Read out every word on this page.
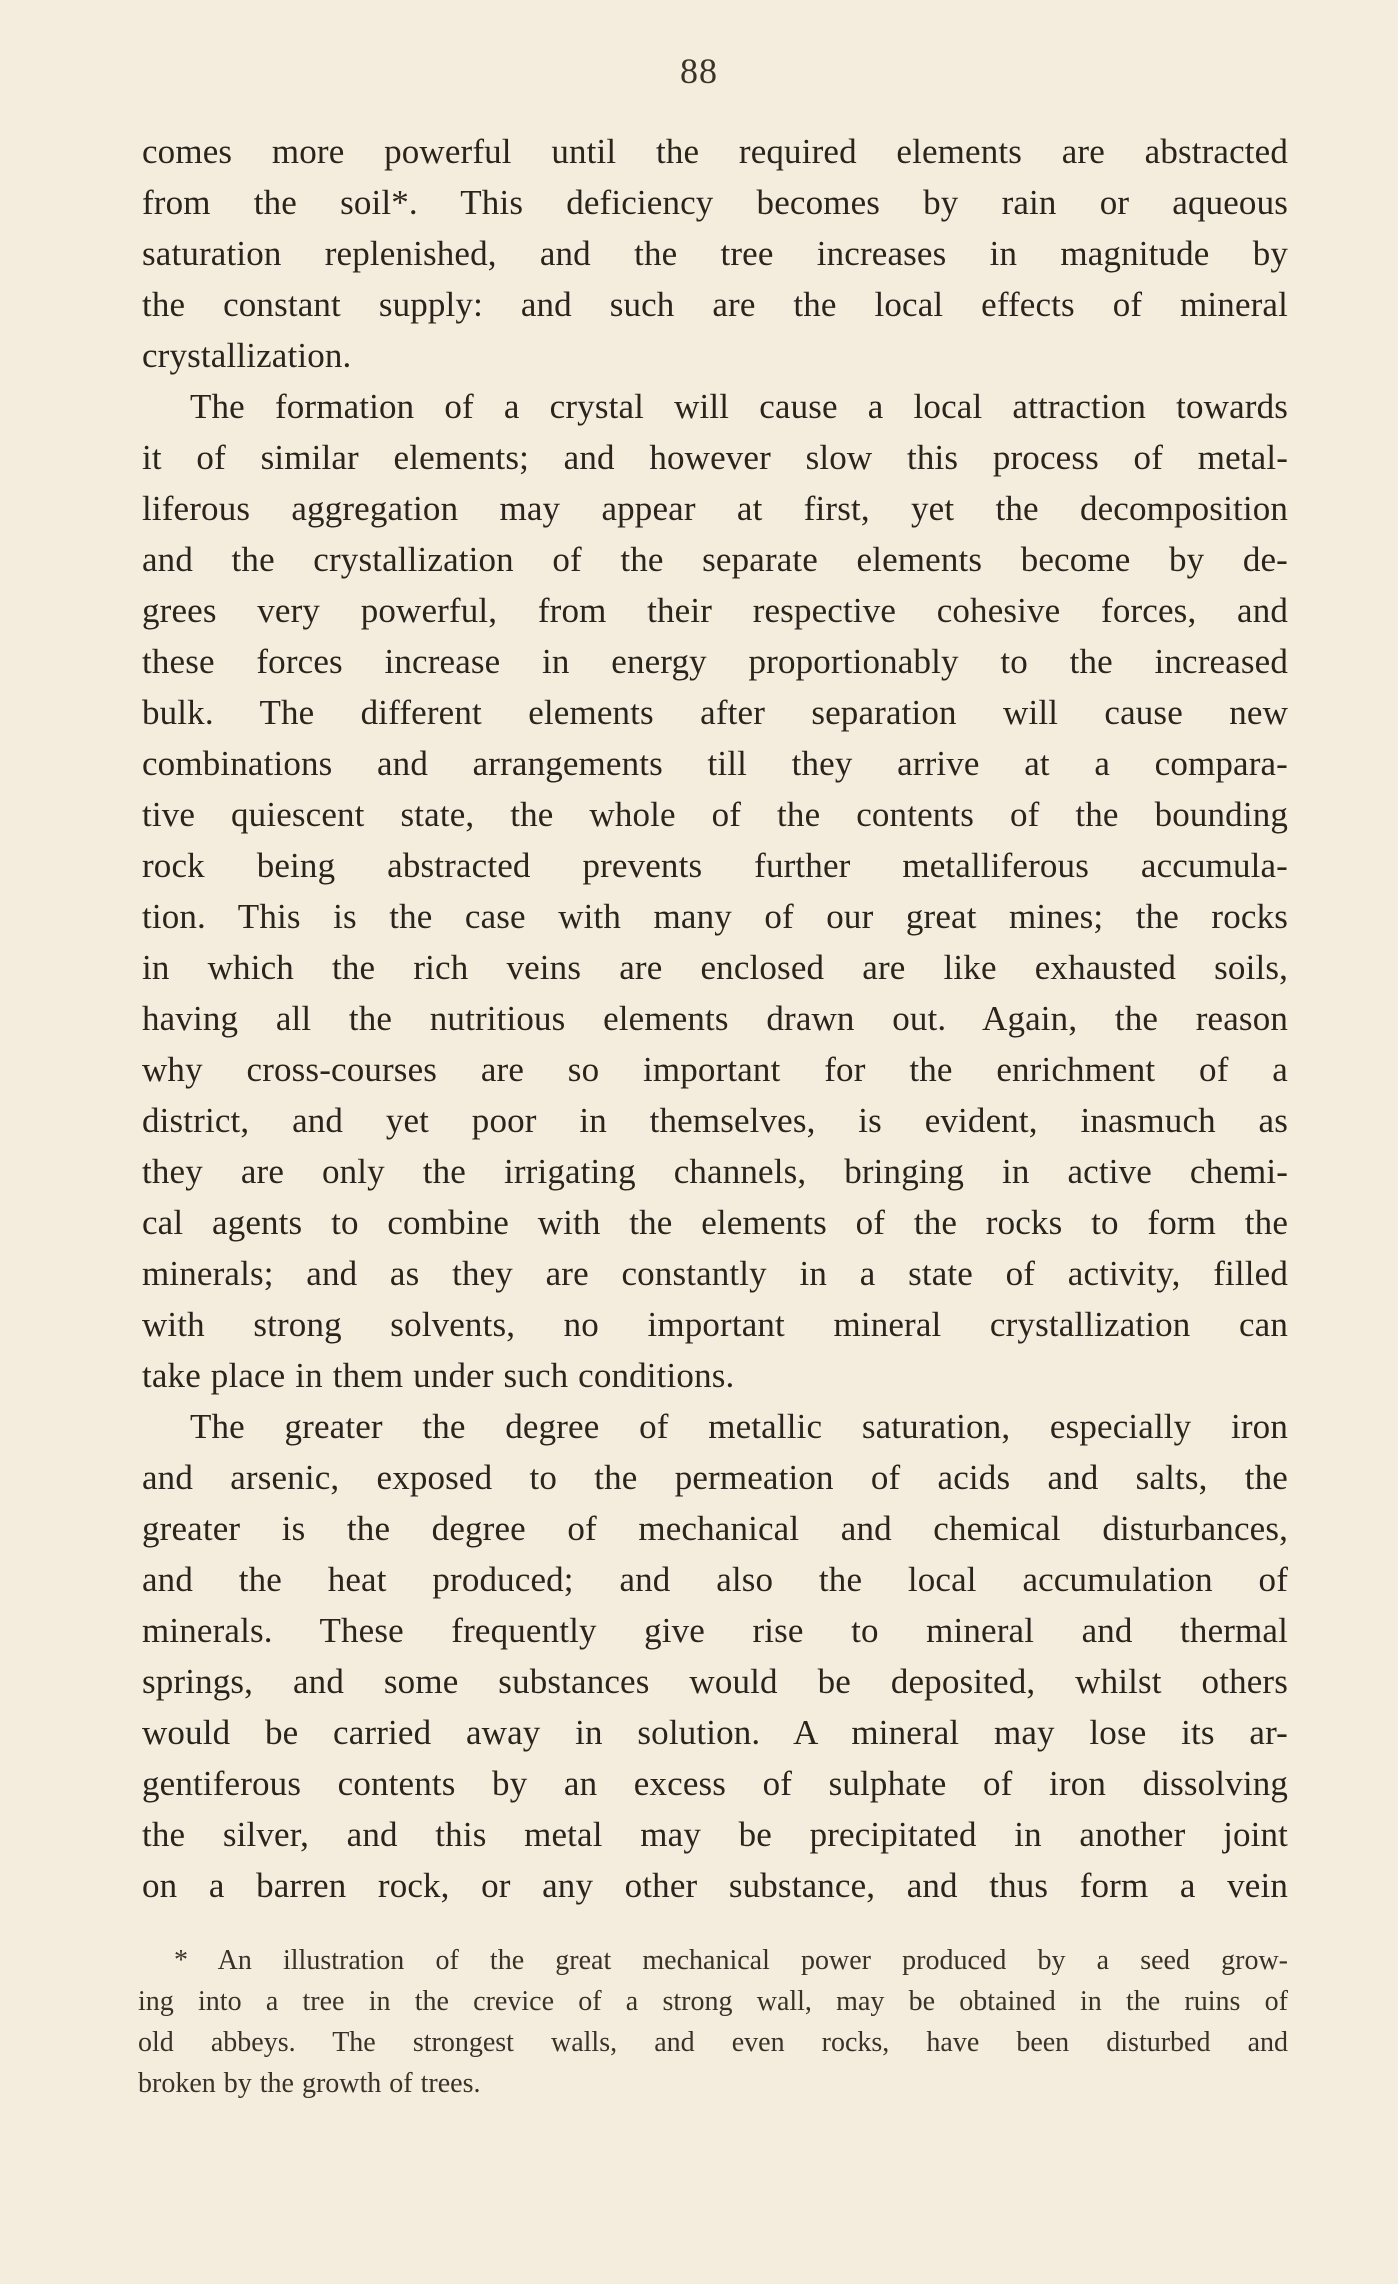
88
comes more powerful until the required elements are abstracted
from the soil*. This deficiency becomes by rain or aqueous
saturation replenished, and the tree increases in magnitude by
the constant supply: and such are the local effects of mineral
crystallization.
The formation of a crystal will cause a local attraction towards
it of similar elements; and however slow this process of metal-
liferous aggregation may appear at first, yet the decomposition
and the crystallization of the separate elements become by de-
grees very powerful, from their respective cohesive forces, and
these forces increase in energy proportionably to the increased
bulk. The different elements after separation will cause new
combinations and arrangements till they arrive at a compara-
tive quiescent state, the whole of the contents of the bounding
rock being abstracted prevents further metalliferous accumula-
tion. This is the case with many of our great mines; the rocks
in which the rich veins are enclosed are like exhausted soils,
having all the nutritious elements drawn out. Again, the reason
why cross-courses are so important for the enrichment of a
district, and yet poor in themselves, is evident, inasmuch as
they are only the irrigating channels, bringing in active chemi-
cal agents to combine with the elements of the rocks to form the
minerals; and as they are constantly in a state of activity, filled
with strong solvents, no important mineral crystallization can
take place in them under such conditions.
The greater the degree of metallic saturation, especially iron
and arsenic, exposed to the permeation of acids and salts, the
greater is the degree of mechanical and chemical disturbances,
and the heat produced; and also the local accumulation of
minerals. These frequently give rise to mineral and thermal
springs, and some substances would be deposited, whilst others
would be carried away in solution. A mineral may lose its ar-
gentiferous contents by an excess of sulphate of iron dissolving
the silver, and this metal may be precipitated in another joint
on a barren rock, or any other substance, and thus form a vein
* An illustration of the great mechanical power produced by a seed grow-
ing into a tree in the crevice of a strong wall, may be obtained in the ruins of
old abbeys. The strongest walls, and even rocks, have been disturbed and
broken by the growth of trees.
